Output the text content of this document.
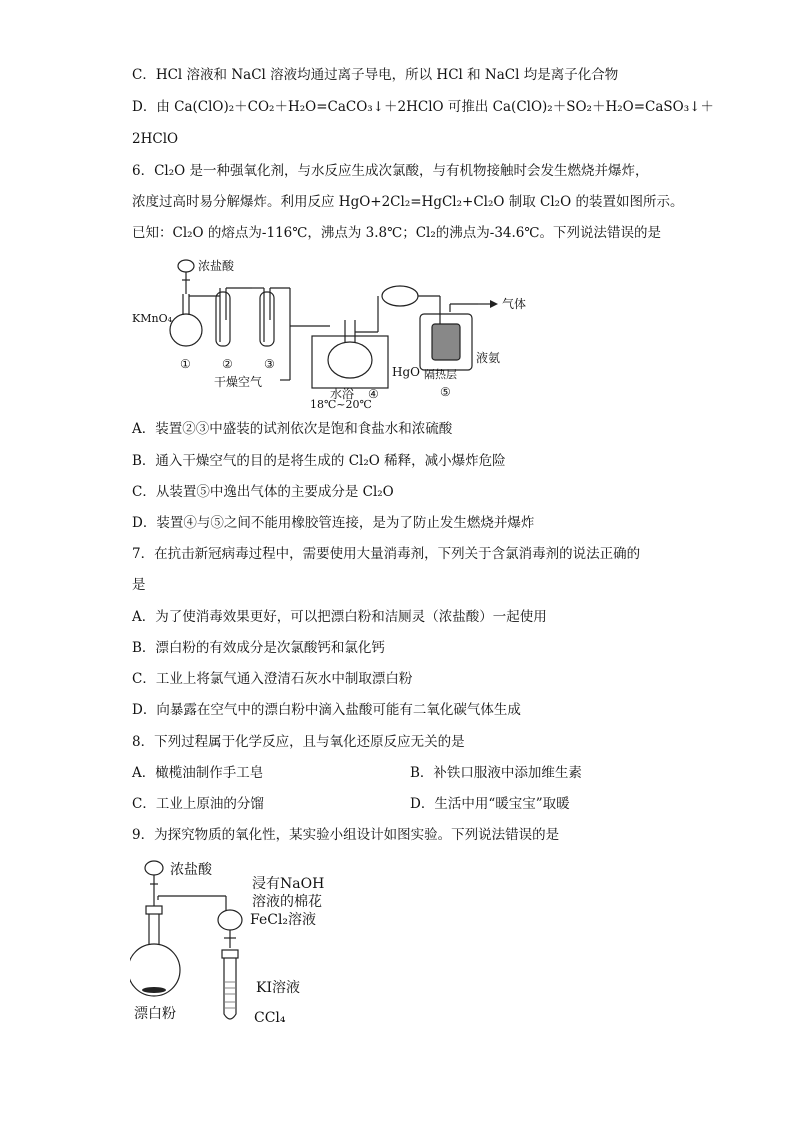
C．HCl 溶液和 NaCl 溶液均通过离子导电，所以 HCl 和 NaCl 均是离子化合物
D．由 Ca(ClO)₂＋CO₂＋H₂O=CaCO₃↓＋2HClO 可推出 Ca(ClO)₂＋SO₂＋H₂O=CaSO₃↓＋
2HClO
6．Cl₂O 是一种强氧化剂，与水反应生成次氯酸，与有机物接触时会发生燃烧并爆炸，
浓度过高时易分解爆炸。利用反应 HgO+2Cl₂=HgCl₂+Cl₂O 制取 Cl₂O 的装置如图所示。
已知：Cl₂O 的熔点为-116℃，沸点为 3.8℃；Cl₂的沸点为-34.6℃。下列说法错误的是
浓盐酸
KMnO₄
①	②	③
干燥空气
水浴 ④
18℃~20℃
HgO
气体
液氨
隔热层
⑤
A．装置②③中盛装的试剂依次是饱和食盐水和浓硫酸
B．通入干燥空气的目的是将生成的 Cl₂O 稀释，减小爆炸危险
C．从装置⑤中逸出气体的主要成分是 Cl₂O
D．装置④与⑤之间不能用橡胶管连接，是为了防止发生燃烧并爆炸
7．在抗击新冠病毒过程中，需要使用大量消毒剂，下列关于含氯消毒剂的说法正确的
是
A．为了使消毒效果更好，可以把漂白粉和洁厕灵（浓盐酸）一起使用
B．漂白粉的有效成分是次氯酸钙和氯化钙
C．工业上将氯气通入澄清石灰水中制取漂白粉
D．向暴露在空气中的漂白粉中滴入盐酸可能有二氧化碳气体生成
8．下列过程属于化学反应，且与氧化还原反应无关的是
A．橄榄油制作手工皂	B．补铁口服液中添加维生素
C．工业上原油的分馏	D．生活中用“暖宝宝”取暖
9．为探究物质的氧化性，某实验小组设计如图实验。下列说法错误的是
浓盐酸
浸有NaOH
溶液的棉花
FeCl₂溶液
KI溶液
漂白粉	CCl₄
